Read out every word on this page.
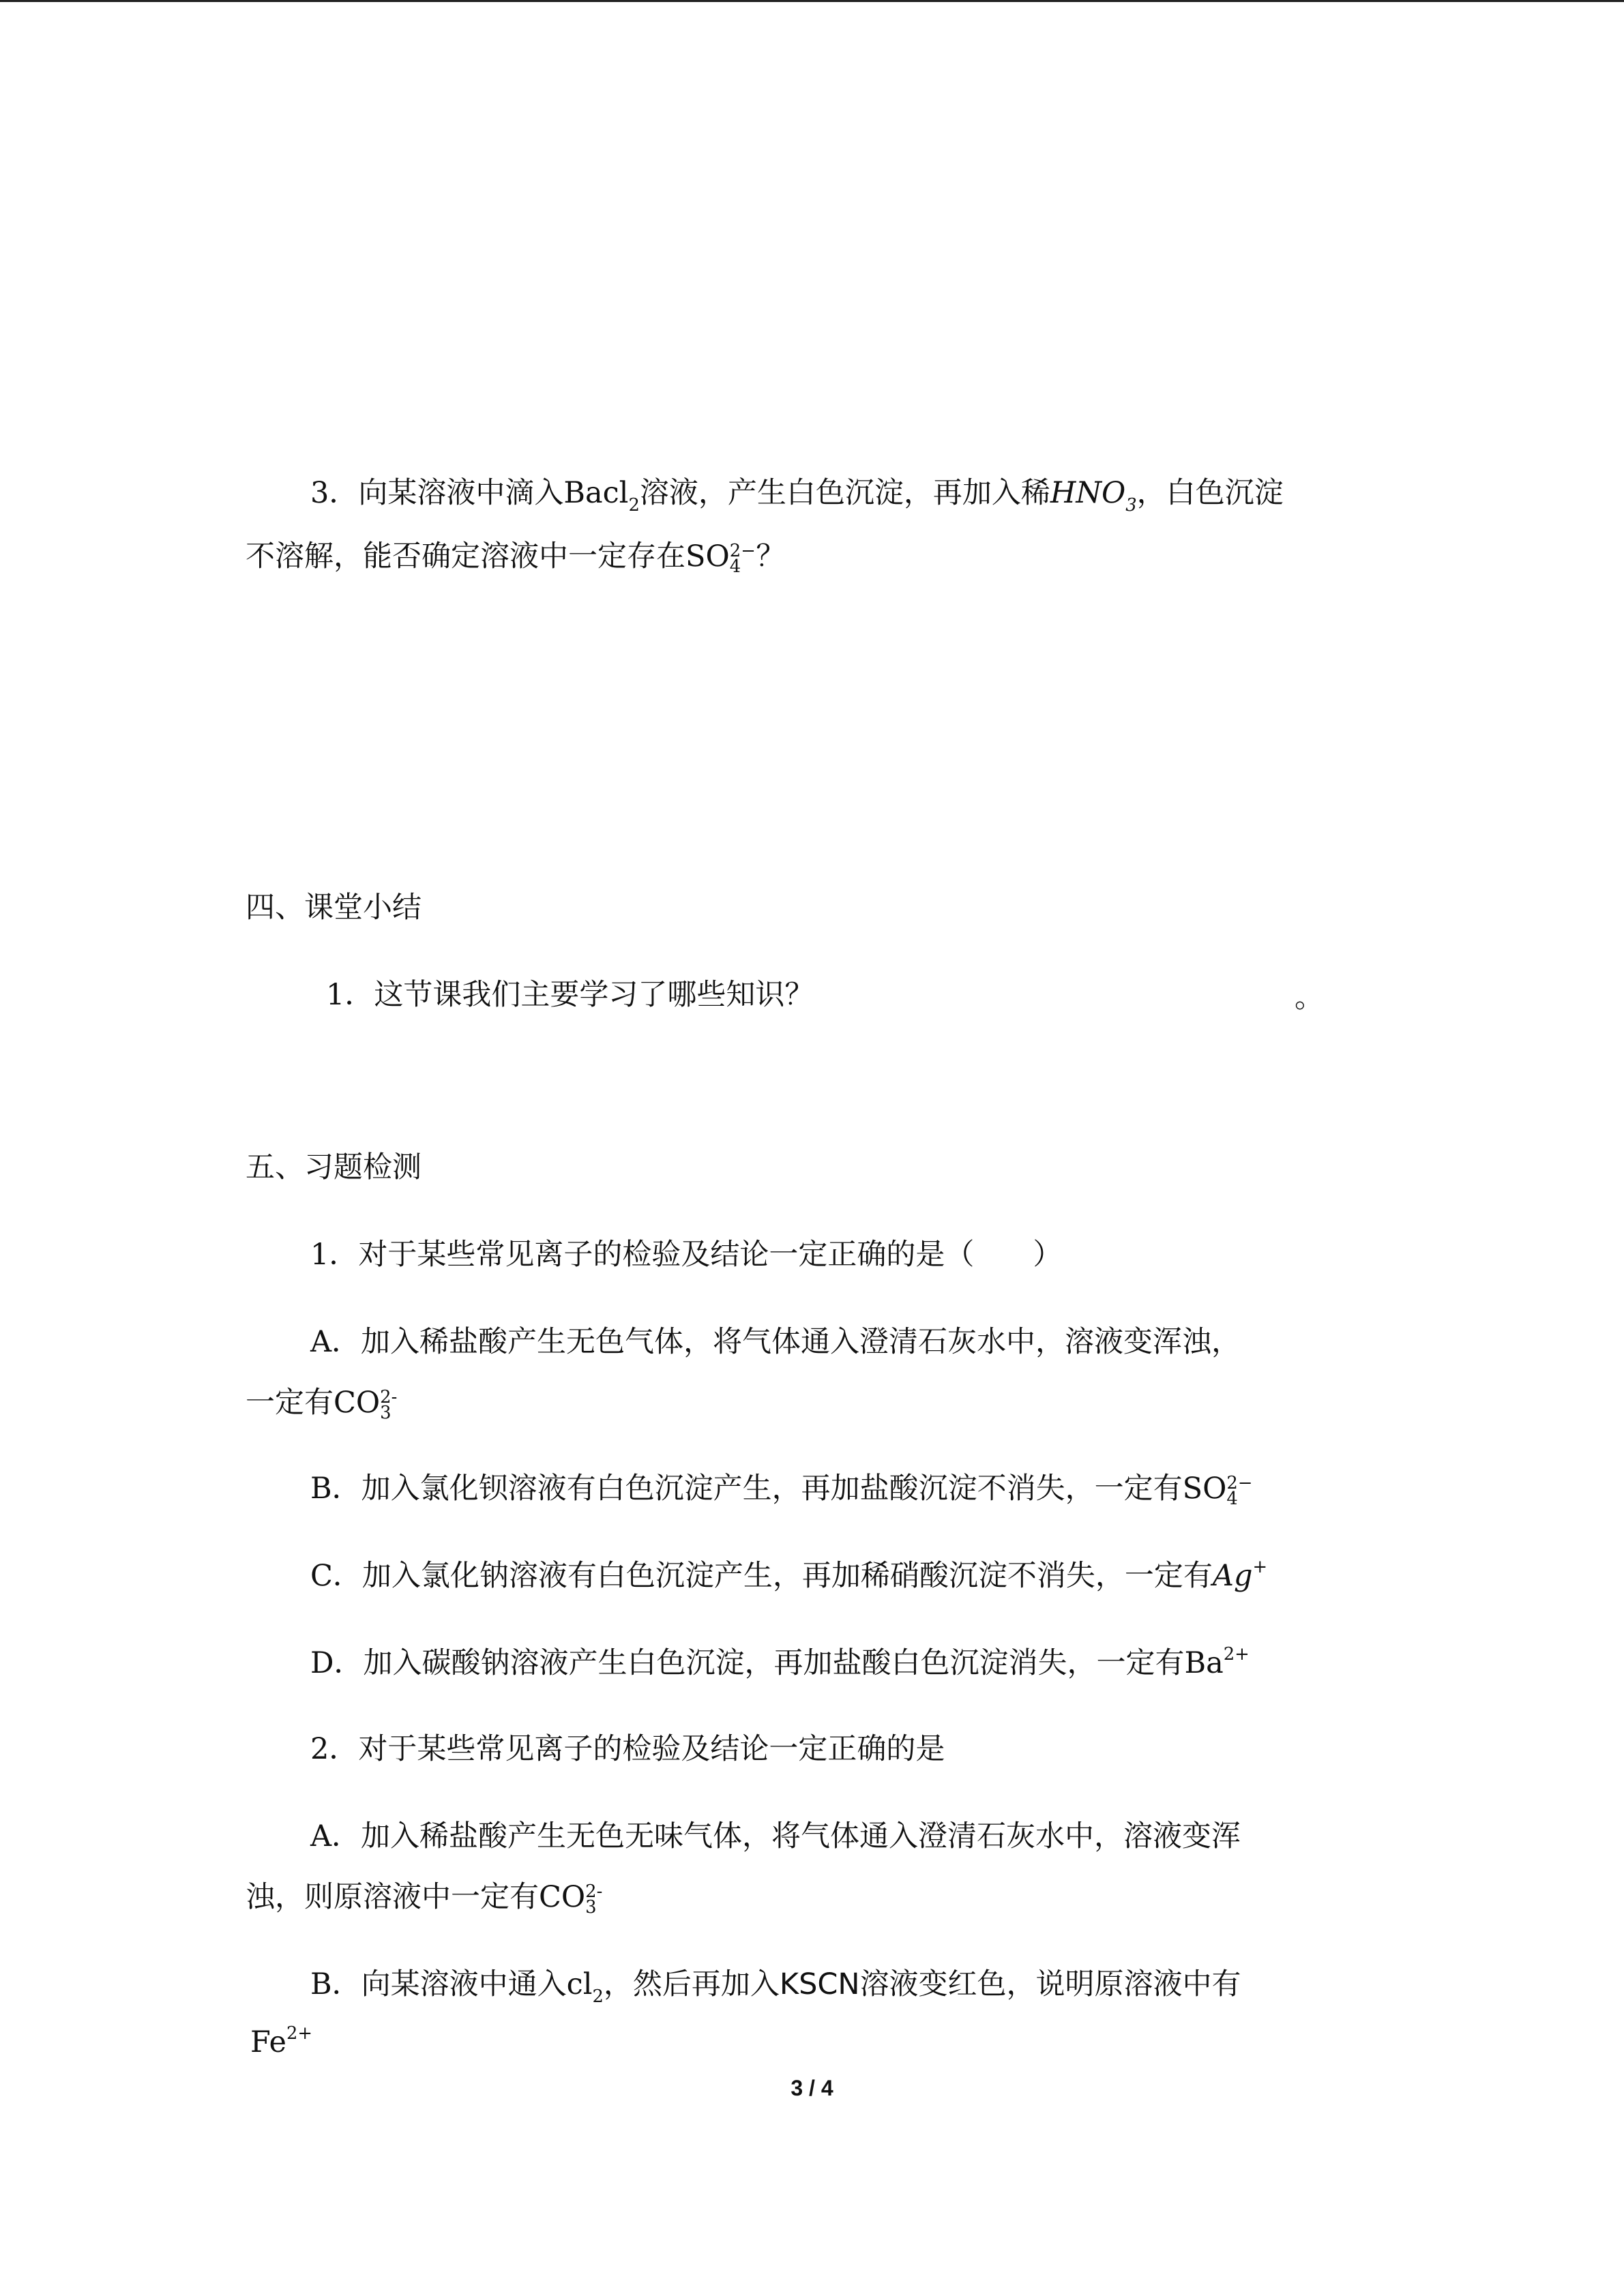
3．向某溶液中滴入Bacl$_2$溶液，产生白色沉淀，再加入稀$HNO_3$，白色沉淀
不溶解，能否确定溶液中一定存在SO 2−
4 ？
四、课堂小结
1．这节课我们主要学习了哪些知识？	。
五、习题检测
1．对于某些常见离子的检验及结论一定正确的是（　　）
A．加入稀盐酸产生无色气体，将气体通入澄清石灰水中，溶液变浑浊，
一定有CO 2-
3
B．加入氯化钡溶液有白色沉淀产生，再加盐酸沉淀不消失，一定有SO 2−
4
C．加入氯化钠溶液有白色沉淀产生，再加稀硝酸沉淀不消失，一定有Ag+
D．加入碳酸钠溶液产生白色沉淀，再加盐酸白色沉淀消失，一定有$Ba^{2+}$
2．对于某些常见离子的检验及结论一定正确的是
A．加入稀盐酸产生无色无味气体，将气体通入澄清石灰水中，溶液变浑
浊，则原溶液中一定有CO 2-
3
B．向某溶液中通入$cl_2$，然后再加入KSCN溶液变红色，说明原溶液中有
$Fe^{2+}$
3 / 4
